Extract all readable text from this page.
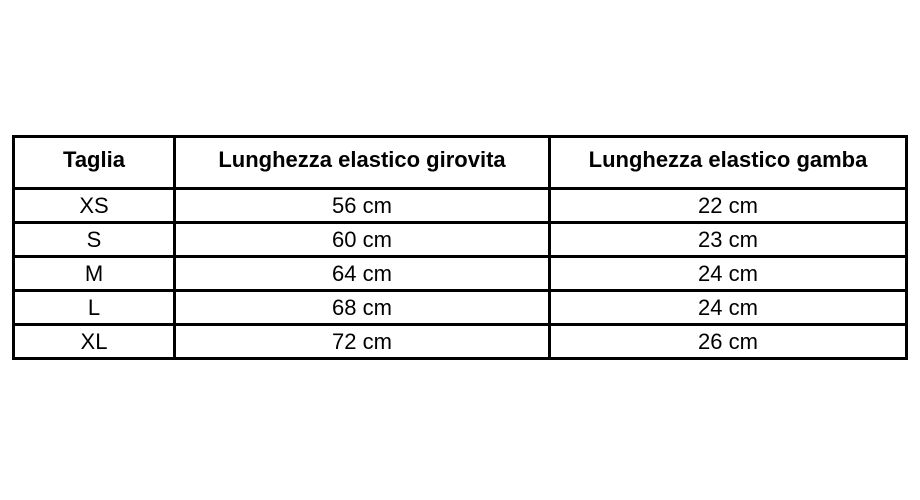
Taglia	Lunghezza elastico girovita	Lunghezza elastico gamba
XS	56 cm	22 cm
S	60 cm	23 cm
M	64 cm	24 cm
L	68 cm	24 cm
XL	72 cm	26 cm
